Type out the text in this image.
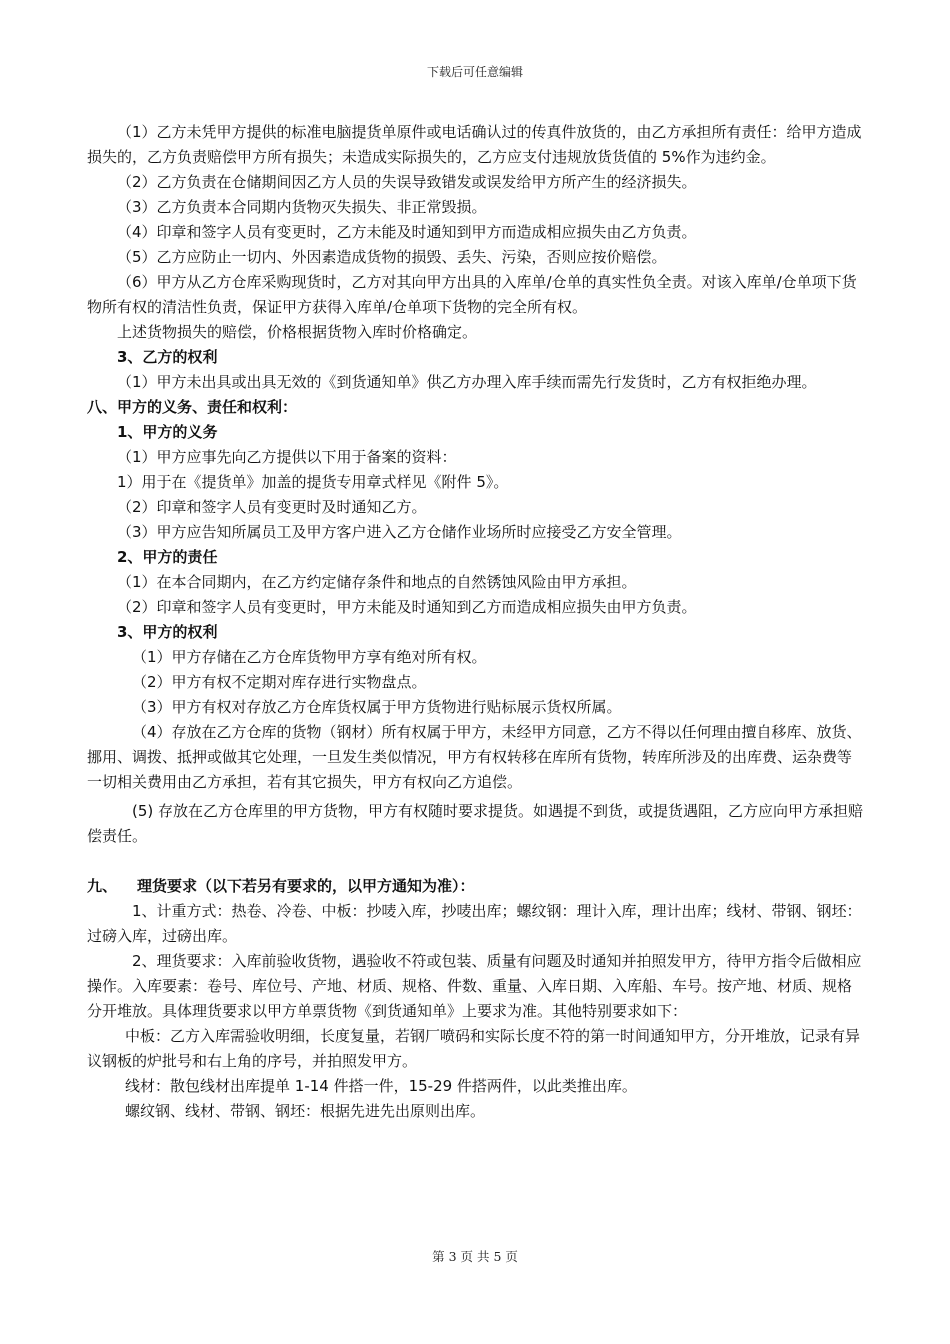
下载后可任意编辑

（1）乙方未凭甲方提供的标准电脑提货单原件或电话确认过的传真件放货的，由乙方承担所有责任：给甲方造成损失的，乙方负责赔偿甲方所有损失；未造成实际损失的，乙方应支付违规放货货值的 5%作为违约金。

（2）乙方负责在仓储期间因乙方人员的失误导致错发或误发给甲方所产生的经济损失。

（3）乙方负责本合同期内货物灭失损失、非正常毁损。

（4）印章和签字人员有变更时，乙方未能及时通知到甲方而造成相应损失由乙方负责。

（5）乙方应防止一切内、外因素造成货物的损毁、丢失、污染，否则应按价赔偿。

（6）甲方从乙方仓库采购现货时，乙方对其向甲方出具的入库单/仓单的真实性负全责。对该入库单/仓单项下货物所有权的清洁性负责，保证甲方获得入库单/仓单项下货物的完全所有权。

上述货物损失的赔偿，价格根据货物入库时价格确定。

3、乙方的权利

（1）甲方未出具或出具无效的《到货通知单》供乙方办理入库手续而需先行发货时，乙方有权拒绝办理。

八、甲方的义务、责任和权利：

1、甲方的义务

（1）甲方应事先向乙方提供以下用于备案的资料：

1）用于在《提货单》加盖的提货专用章式样见《附件 5》。

（2）印章和签字人员有变更时及时通知乙方。

（3）甲方应告知所属员工及甲方客户进入乙方仓储作业场所时应接受乙方安全管理。

2、甲方的责任

（1）在本合同期内，在乙方约定储存条件和地点的自然锈蚀风险由甲方承担。

（2）印章和签字人员有变更时，甲方未能及时通知到乙方而造成相应损失由甲方负责。

3、甲方的权利

（1）甲方存储在乙方仓库货物甲方享有绝对所有权。

（2）甲方有权不定期对库存进行实物盘点。

（3）甲方有权对存放乙方仓库货权属于甲方货物进行贴标展示货权所属。

（4）存放在乙方仓库的货物（钢材）所有权属于甲方，未经甲方同意，乙方不得以任何理由擅自移库、放货、挪用、调拨、抵押或做其它处理，一旦发生类似情况，甲方有权转移在库所有货物，转库所涉及的出库费、运杂费等一切相关费用由乙方承担，若有其它损失，甲方有权向乙方追偿。

(5) 存放在乙方仓库里的甲方货物，甲方有权随时要求提货。如遇提不到货，或提货遇阻，乙方应向甲方承担赔偿责任。

九、	理货要求（以下若另有要求的，以甲方通知为准）：

1、计重方式：热卷、冷卷、中板：抄唛入库，抄唛出库；螺纹钢：理计入库，理计出库；线材、带钢、钢坯：过磅入库，过磅出库。

2、理货要求：入库前验收货物，遇验收不符或包装、质量有问题及时通知并拍照发甲方，待甲方指令后做相应操作。入库要素：卷号、库位号、产地、材质、规格、件数、重量、入库日期、入库船、车号。按产地、材质、规格分开堆放。具体理货要求以甲方单票货物《到货通知单》上要求为准。其他特别要求如下：

中板：乙方入库需验收明细，长度复量，若钢厂喷码和实际长度不符的第一时间通知甲方，分开堆放，记录有异议钢板的炉批号和右上角的序号，并拍照发甲方。

线材：散包线材出库提单 1-14 件搭一件，15-29 件搭两件，以此类推出库。

螺纹钢、线材、带钢、钢坯：根据先进先出原则出库。

第 3 页 共 5 页
